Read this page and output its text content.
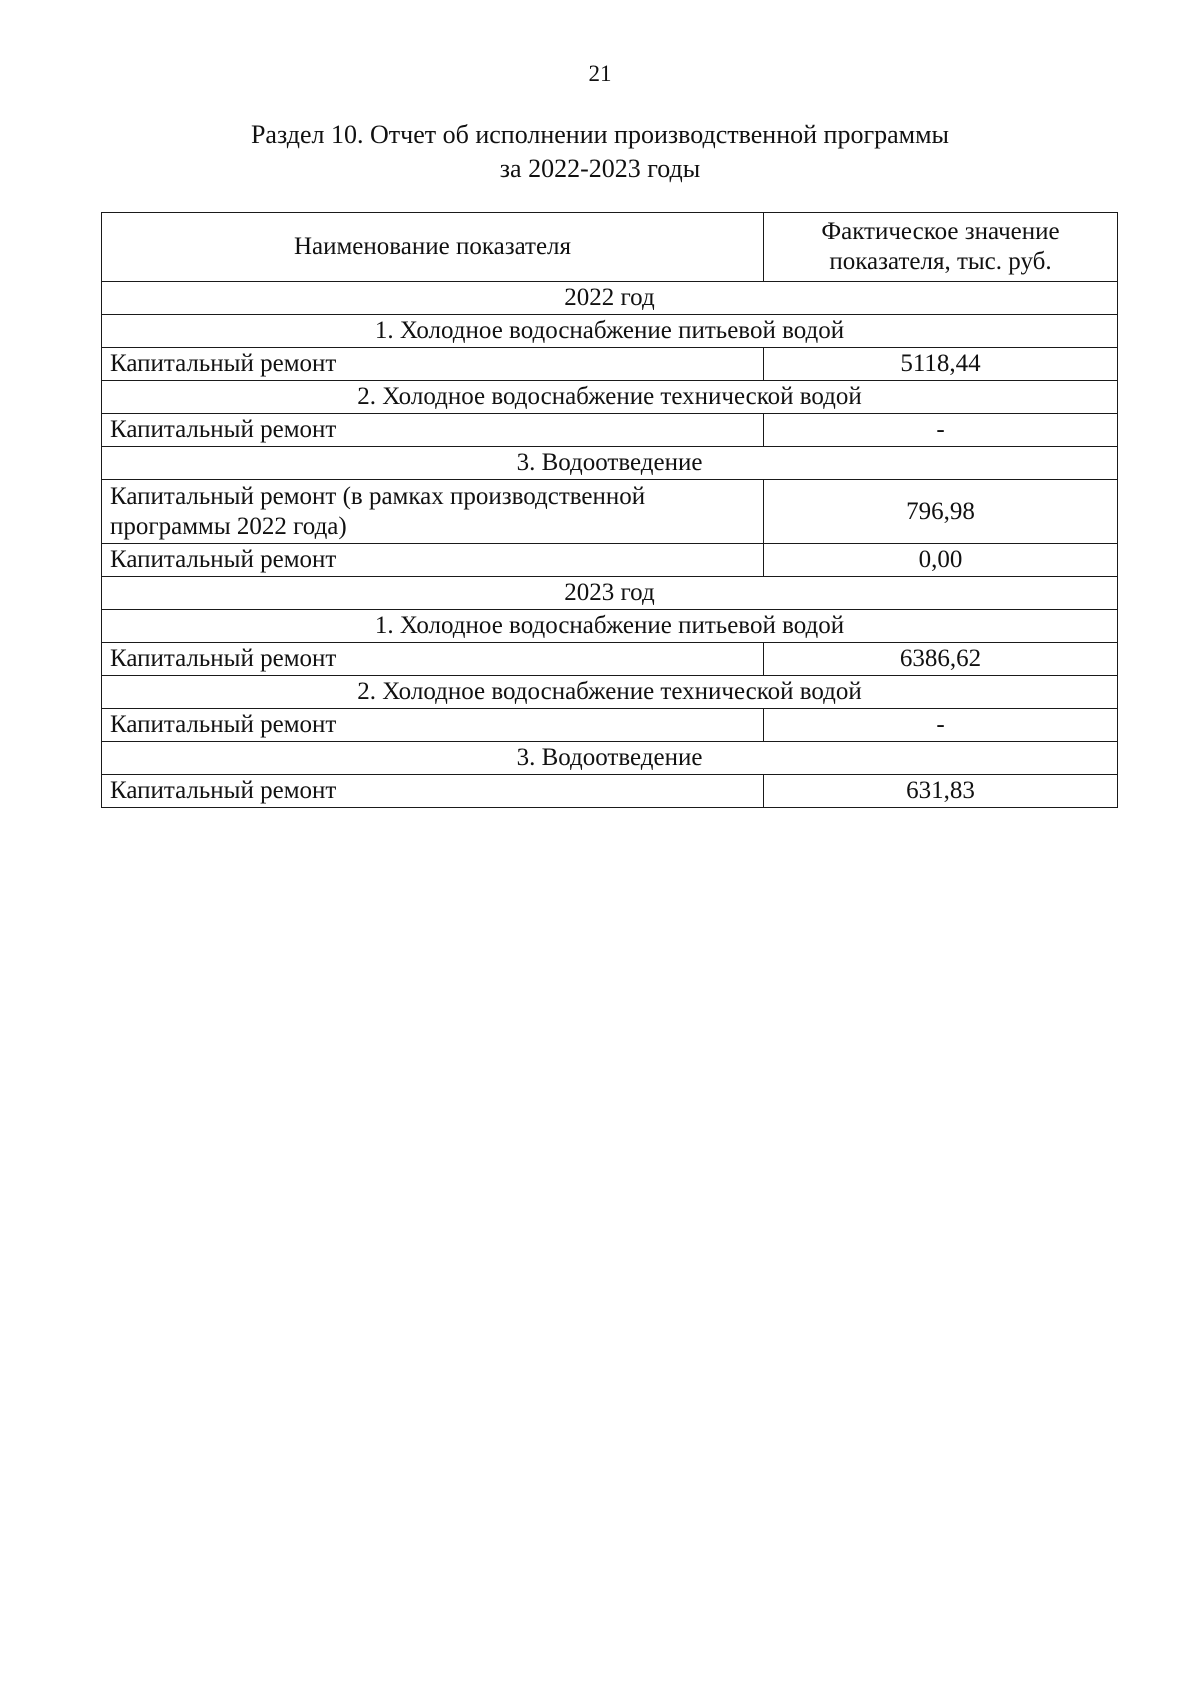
21
Раздел 10. Отчет об исполнении производственной программы
за 2022-2023 годы
Наименование показателя	Фактическое значение
показателя, тыс. руб.

2022 год	
1. Холодное водоснабжение питьевой водой	
Капитальный ремонт	5118,44
2. Холодное водоснабжение технической водой	
Капитальный ремонт	-
3. Водоотведение	

Капитальный ремонт (в рамках производственной
программы 2022 года)	796,98
Капитальный ремонт	0,00
2023 год	
1. Холодное водоснабжение питьевой водой	
Капитальный ремонт	6386,62
2. Холодное водоснабжение технической водой	
Капитальный ремонт	-
3. Водоотведение	
Капитальный ремонт	631,83
